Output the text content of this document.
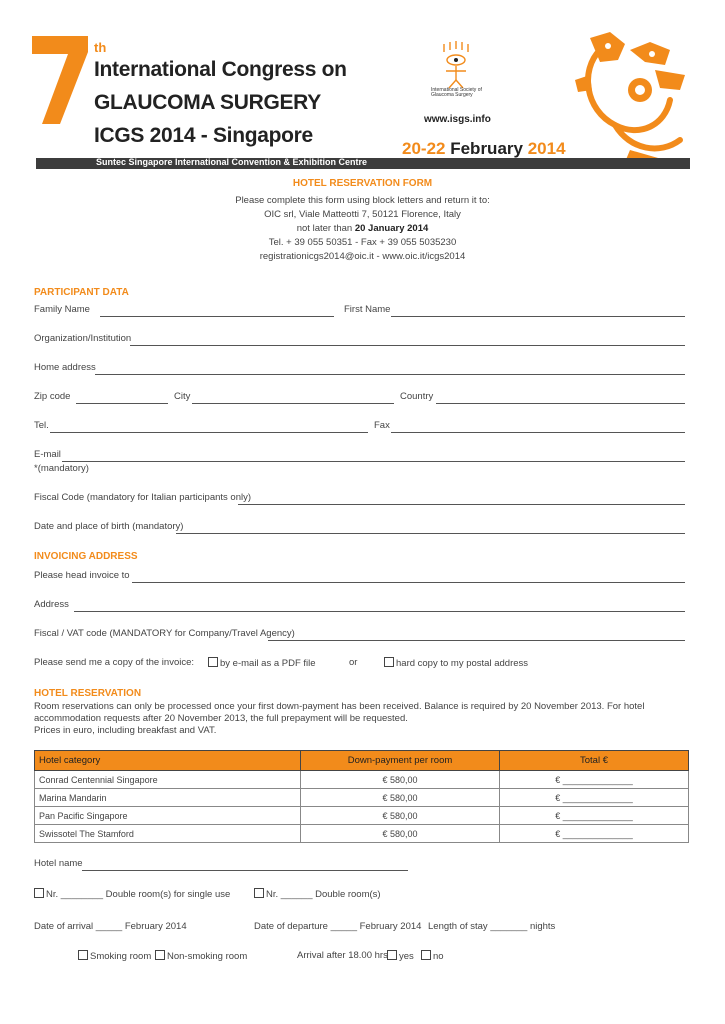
th
International Congress on
GLAUCOMA SURGERY
ICGS 2014 - Singapore
International Society of Glaucoma Surgery
www.isgs.info
20-22 February 2014
Suntec Singapore International Convention & Exhibition Centre
HOTEL RESERVATION FORM
Please complete this form using block letters and return it to:
OIC srl, Viale Matteotti 7, 50121 Florence, Italy
not later than 20 January 2014
Tel. + 39 055 50351 - Fax + 39 055 5035230
registrationicgs2014@oic.it - www.oic.it/icgs2014
PARTICIPANT DATA
Family Name	First Name
Organization/Institution
Home address
Zip code	City	Country
Tel.	Fax
E-mail
*(mandatory)
Fiscal Code (mandatory for Italian participants only)
Date and place of birth (mandatory)
INVOICING ADDRESS
Please head invoice to
Address
Fiscal / VAT code (MANDATORY for Company/Travel Agency)
Please send me a copy of the invoice:	by e-mail as a PDF file	or	hard copy to my postal address
HOTEL RESERVATION
Room reservations can only be processed once your first down-payment has been received. Balance is required by 20 November 2013. For hotel accommodation requests after 20 November 2013, the full prepayment will be requested.
Prices in euro, including breakfast and VAT.
Hotel category	Down-payment per room	Total €
Conrad Centennial Singapore	€ 580,00	€ ______________
Marina Mandarin	€ 580,00	€ ______________
Pan Pacific Singapore	€ 580,00	€ ______________
Swissotel The Stamford	€ 580,00	€ ______________
Hotel name
Nr. ________ Double room(s) for single use	Nr. ______ Double room(s)
Date of arrival _____ February 2014	Date of departure _____ February 2014 Length of stay _______ nights
Smoking room	Non-smoking room	Arrival after 18.00 hrs	yes	no
